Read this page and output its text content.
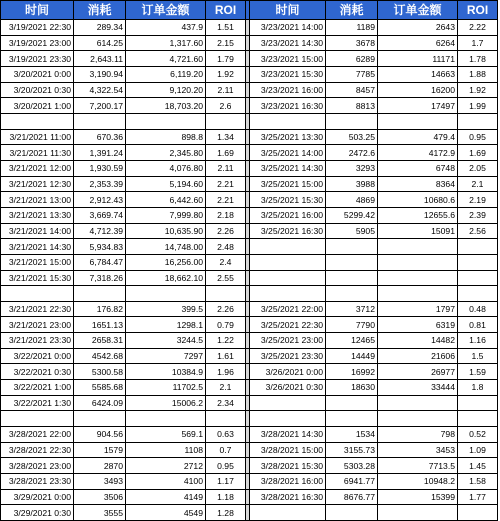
时间	消耗	订单金额	ROI		时间	消耗	订单金额	ROI
3/19/2021 22:30	289.34	437.9	1.51		3/23/2021 14:00	1189	2643	2.22
3/19/2021 23:00	614.25	1,317.60	2.15		3/23/2021 14:30	3678	6264	1.7
3/19/2021 23:30	2,643.11	4,721.60	1.79		3/23/2021 15:00	6289	11171	1.78
3/20/2021 0:00	3,190.94	6,119.20	1.92		3/23/2021 15:30	7785	14663	1.88
3/20/2021 0:30	4,322.54	9,120.20	2.11		3/23/2021 16:00	8457	16200	1.92
3/20/2021 1:00	7,200.17	18,703.20	2.6		3/23/2021 16:30	8813	17497	1.99

3/21/2021 11:00	670.36	898.8	1.34		3/25/2021 13:30	503.25	479.4	0.95
3/21/2021 11:30	1,391.24	2,345.80	1.69		3/25/2021 14:00	2472.6	4172.9	1.69
3/21/2021 12:00	1,930.59	4,076.80	2.11		3/25/2021 14:30	3293	6748	2.05
3/21/2021 12:30	2,353.39	5,194.60	2.21		3/25/2021 15:00	3988	8364	2.1
3/21/2021 13:00	2,912.43	6,442.60	2.21		3/25/2021 15:30	4869	10680.6	2.19
3/21/2021 13:30	3,669.74	7,999.80	2.18		3/25/2021 16:00	5299.42	12655.6	2.39
3/21/2021 14:00	4,712.39	10,635.90	2.26		3/25/2021 16:30	5905	15091	2.56
3/21/2021 14:30	5,934.83	14,748.00	2.48					
3/21/2021 15:00	6,784.47	16,256.00	2.4					
3/21/2021 15:30	7,318.26	18,662.10	2.55					

3/21/2021 22:30	176.82	399.5	2.26		3/25/2021 22:00	3712	1797	0.48
3/21/2021 23:00	1651.13	1298.1	0.79		3/25/2021 22:30	7790	6319	0.81
3/21/2021 23:30	2658.31	3244.5	1.22		3/25/2021 23:00	12465	14482	1.16
3/22/2021 0:00	4542.68	7297	1.61		3/25/2021 23:30	14449	21606	1.5
3/22/2021 0:30	5300.58	10384.9	1.96		3/26/2021 0:00	16992	26977	1.59
3/22/2021 1:00	5585.68	11702.5	2.1		3/26/2021 0:30	18630	33444	1.8
3/22/2021 1:30	6424.09	15006.2	2.34					

3/28/2021 22:00	904.56	569.1	0.63		3/28/2021 14:30	1534	798	0.52
3/28/2021 22:30	1579	1108	0.7		3/28/2021 15:00	3155.73	3453	1.09
3/28/2021 23:00	2870	2712	0.95		3/28/2021 15:30	5303.28	7713.5	1.45
3/28/2021 23:30	3493	4100	1.17		3/28/2021 16:00	6941.77	10948.2	1.58
3/29/2021 0:00	3506	4149	1.18		3/28/2021 16:30	8676.77	15399	1.77
3/29/2021 0:30	3555	4549	1.28					
